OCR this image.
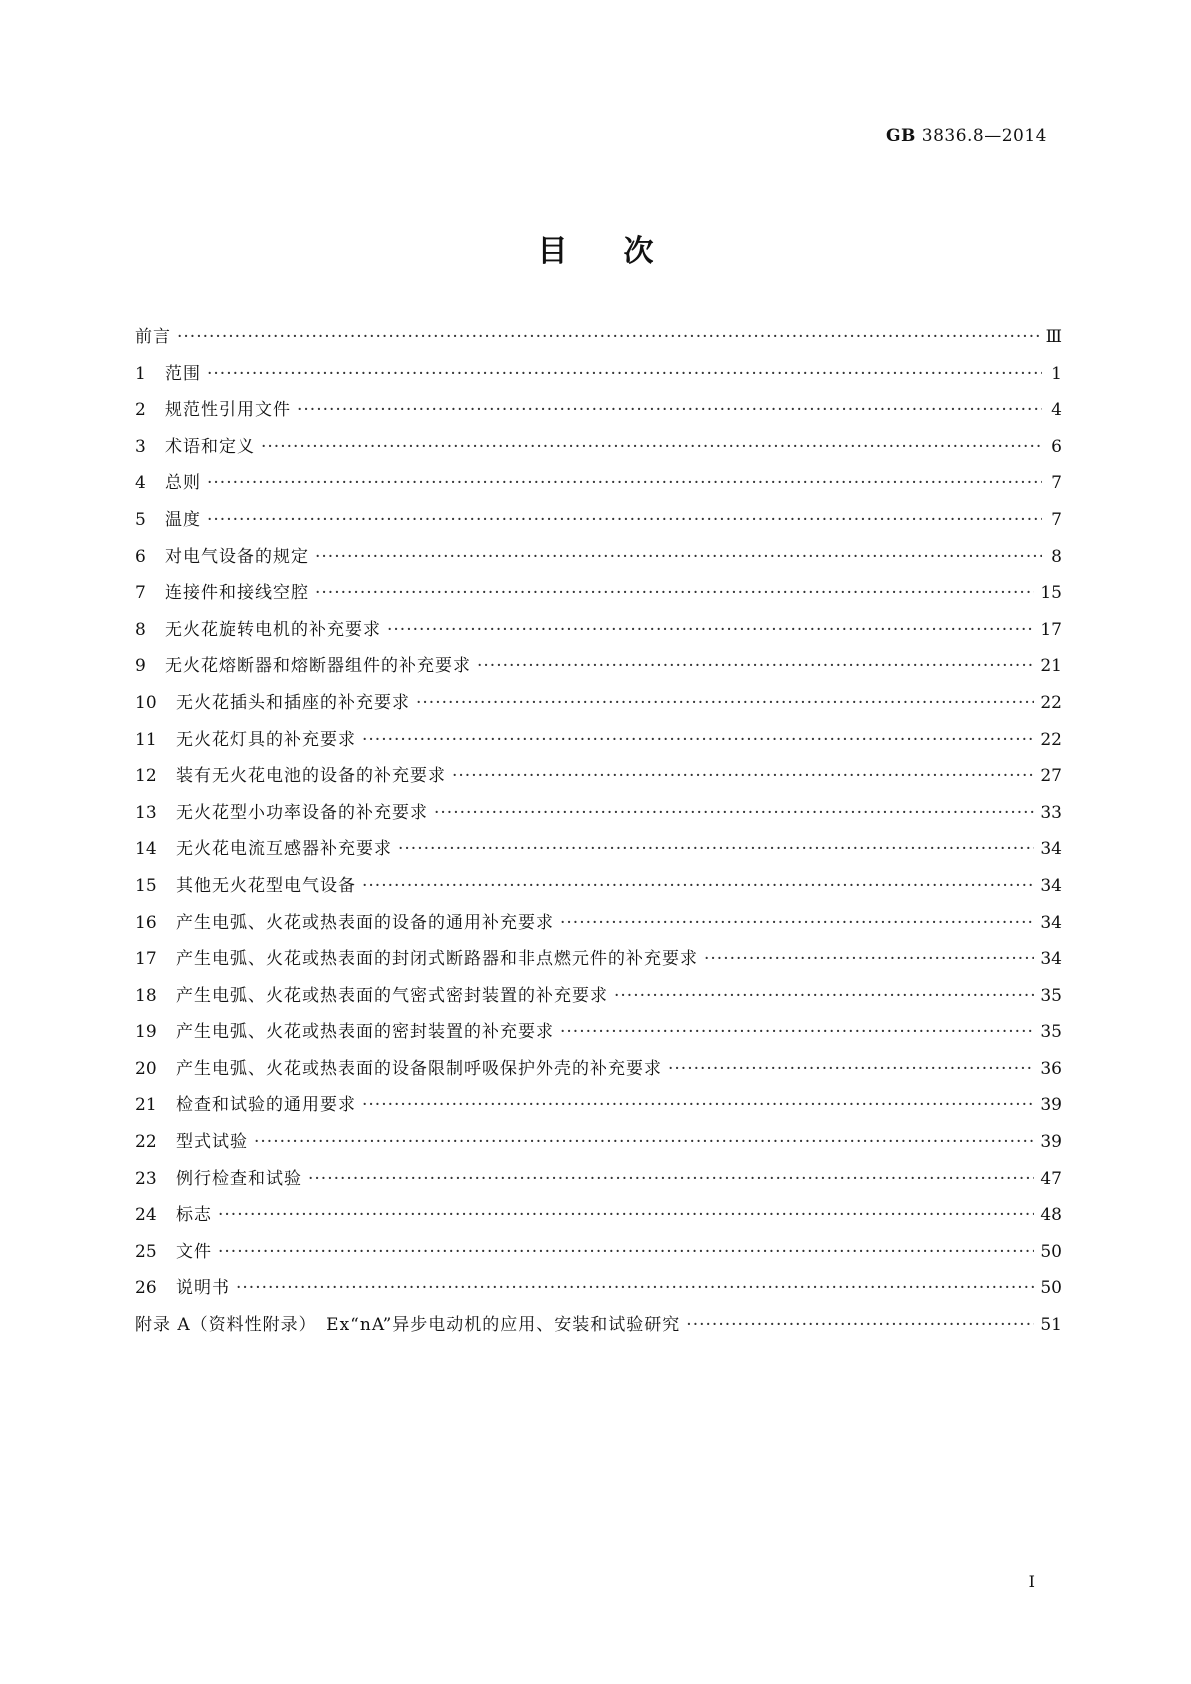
GB 3836.8—2014
目次
前言 ·····	Ⅲ
1	范围 ·····	1
2	规范性引用文件 ·····	4
3	术语和定义 ·····	6
4	总则 ·····	7
5	温度 ·····	7
6	对电气设备的规定 ·····	8
7	连接件和接线空腔 ·····	15
8	无火花旋转电机的补充要求 ·····	17
9	无火花熔断器和熔断器组件的补充要求 ·····	21
10	无火花插头和插座的补充要求 ·····	22
11	无火花灯具的补充要求 ·····	22
12	装有无火花电池的设备的补充要求 ·····	27
13	无火花型小功率设备的补充要求 ·····	33
14	无火花电流互感器补充要求 ·····	34
15	其他无火花型电气设备 ·····	34
16	产生电弧、火花或热表面的设备的通用补充要求 ·····	34
17	产生电弧、火花或热表面的封闭式断路器和非点燃元件的补充要求 ·····	34
18	产生电弧、火花或热表面的气密式密封装置的补充要求 ·····	35
19	产生电弧、火花或热表面的密封装置的补充要求 ·····	35
20	产生电弧、火花或热表面的设备限制呼吸保护外壳的补充要求 ·····	36
21	检查和试验的通用要求 ·····	39
22	型式试验 ·····	39
23	例行检查和试验 ·····	47
24	标志 ·····	48
25	文件 ·····	50
26	说明书 ·····	50
附录 A（资料性附录）　Ex“nA”异步电动机的应用、安装和试验研究 ·····	51
I
